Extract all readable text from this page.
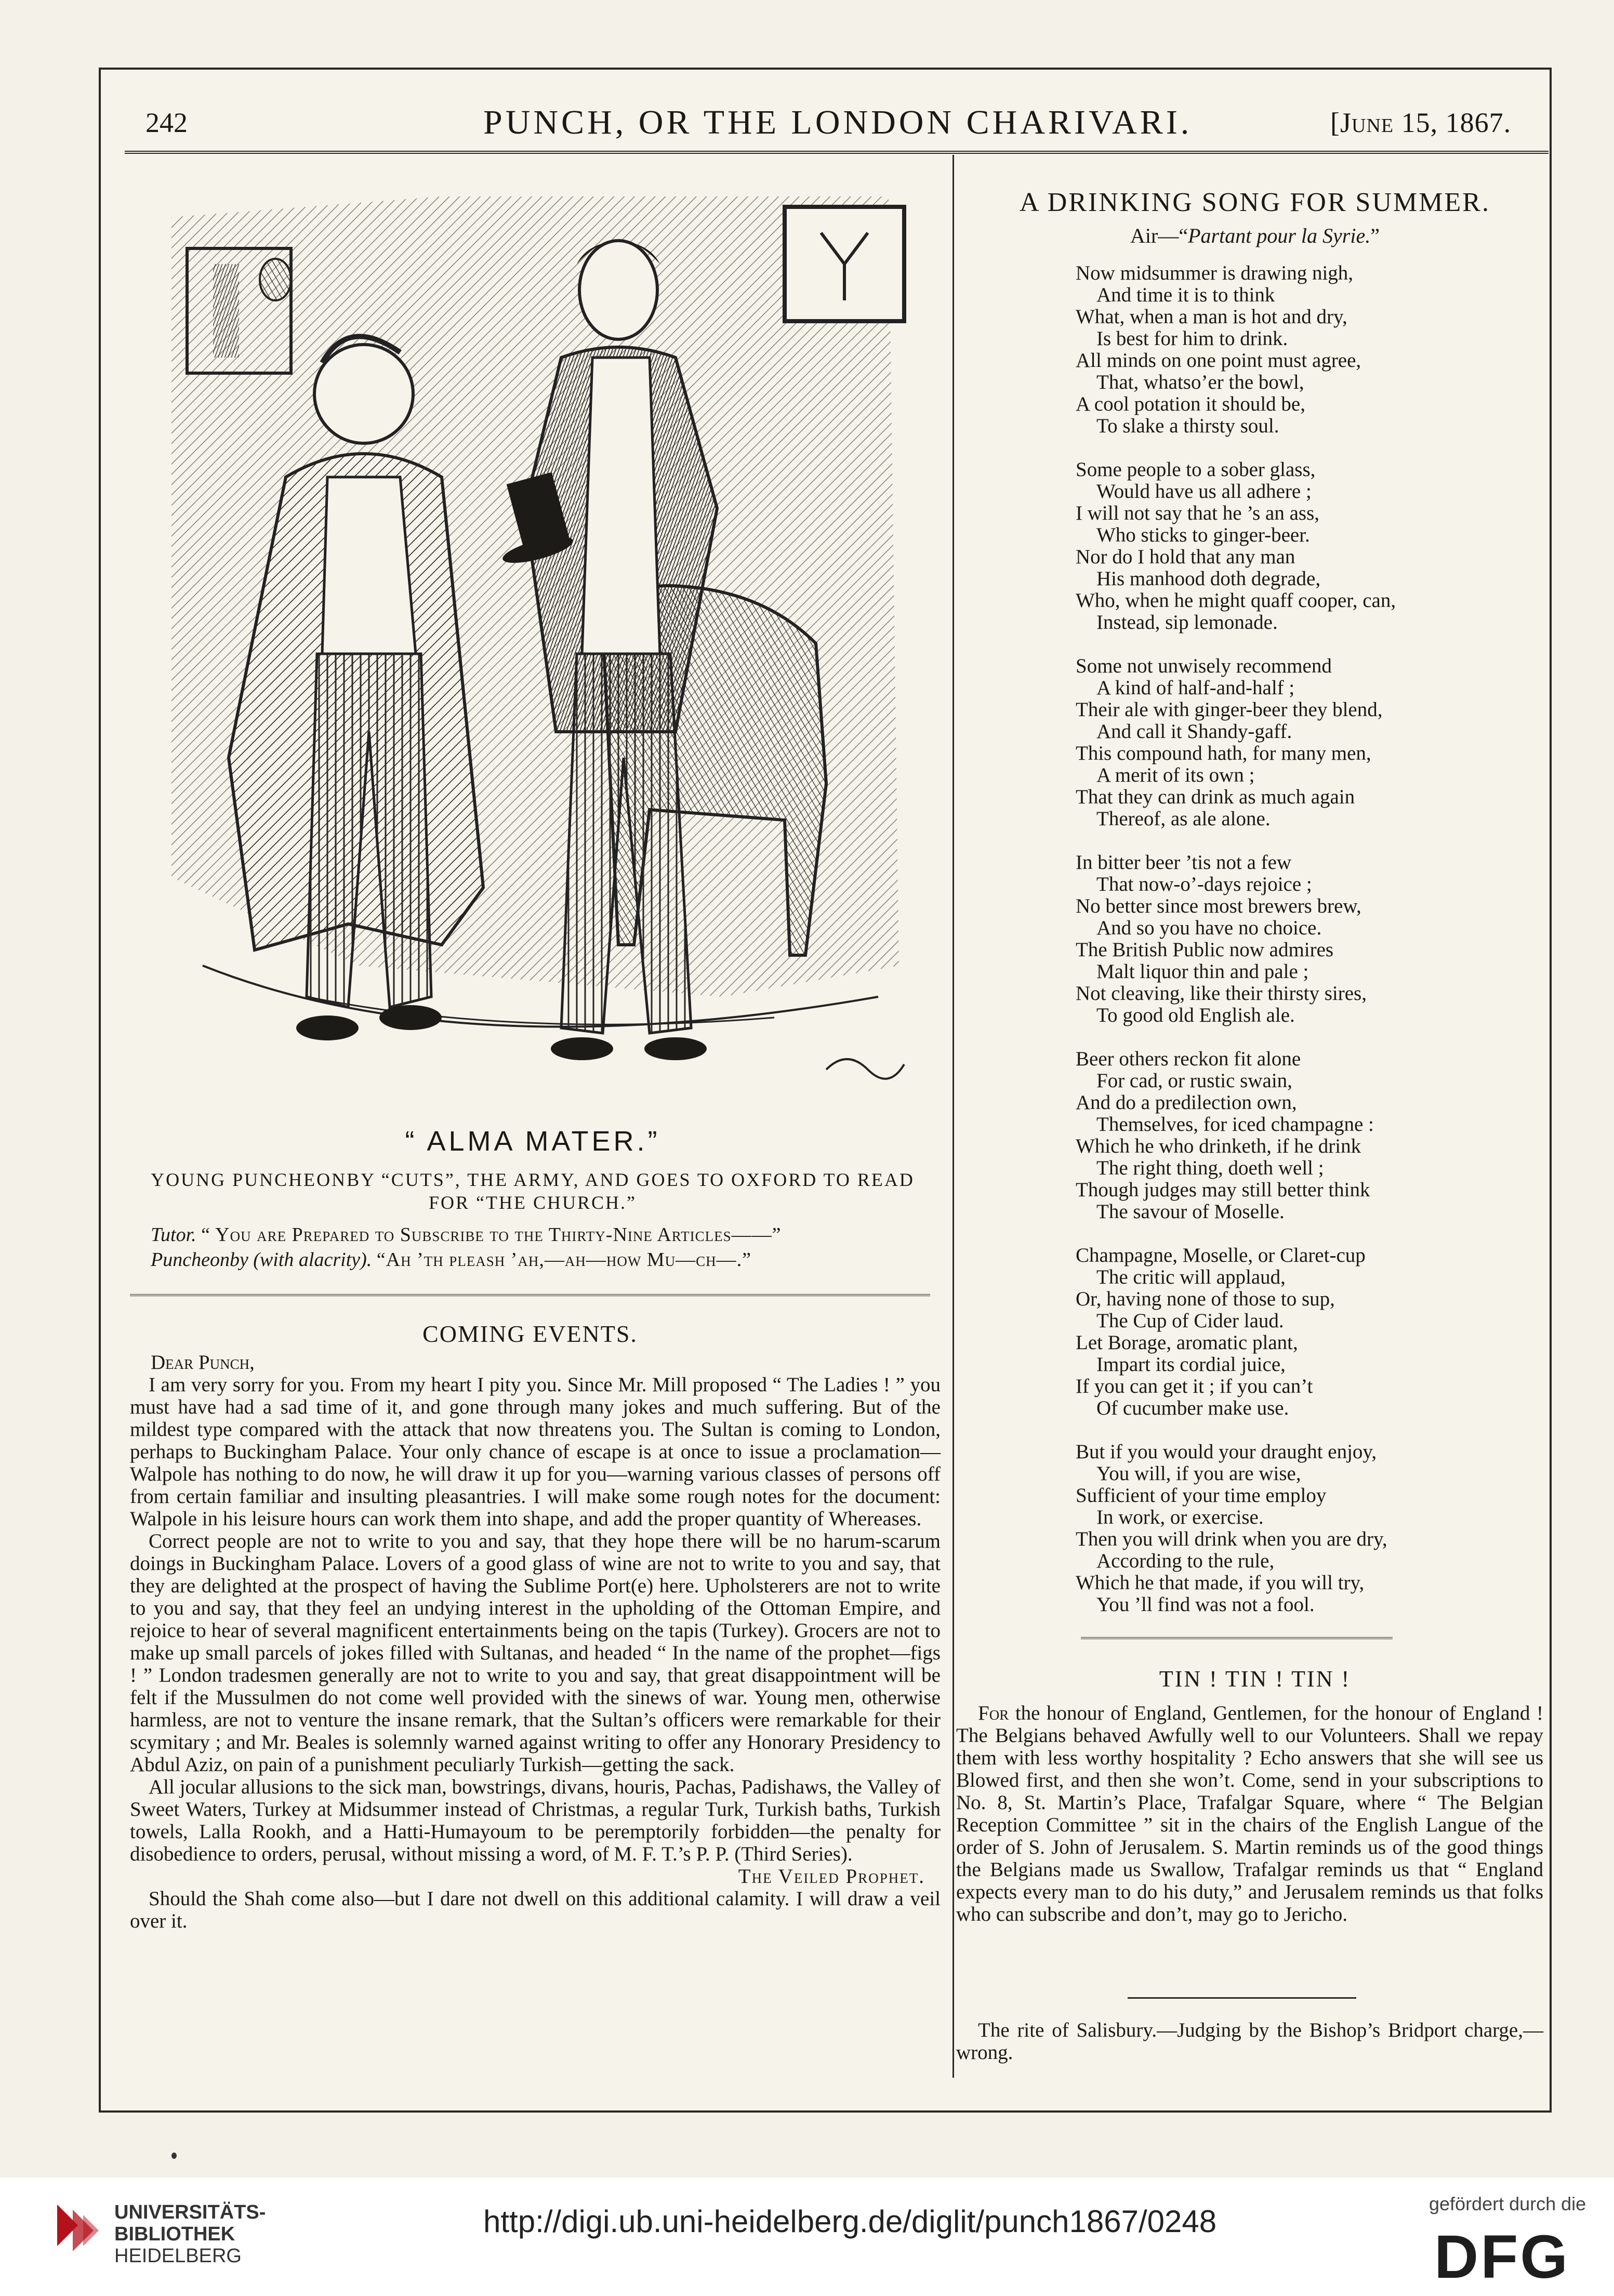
242	PUNCH, OR THE LONDON CHARIVARI.	[June 15, 1867.
“ ALMA MATER.”
YOUNG PUNCHEONBY “CUTS”, THE ARMY, AND GOES TO OXFORD TO READ
FOR “THE CHURCH.”
Tutor. “ You are Prepared to Subscribe to the Thirty-Nine Articles——”
Puncheonby (with alacrity). “Ah ’th pleash ’ah,—ah—how Mu—ch—.”
COMING EVENTS.

Dear Punch,

I am very sorry for you. From my heart I pity you. Since Mr. Mill proposed “ The Ladies ! ” you must have had a sad time of it, and gone through many jokes and much suffering. But of the mildest type compared with the attack that now threatens you. The Sultan is coming to London, perhaps to Buckingham Palace. Your only chance of escape is at once to issue a proclamation—Walpole has nothing to do now, he will draw it up for you—warning various classes of persons off from certain familiar and insulting pleasantries. I will make some rough notes for the document: Walpole in his leisure hours can work them into shape, and add the proper quantity of Whereases.

Correct people are not to write to you and say, that they hope there will be no harum-scarum doings in Buckingham Palace. Lovers of a good glass of wine are not to write to you and say, that they are delighted at the prospect of having the Sublime Port(e) here. Upholsterers are not to write to you and say, that they feel an undying interest in the upholding of the Ottoman Empire, and rejoice to hear of several magnificent entertainments being on the tapis (Turkey). Grocers are not to make up small parcels of jokes filled with Sultanas, and headed “ In the name of the prophet—figs ! ” London tradesmen generally are not to write to you and say, that great disappointment will be felt if the Mussulmen do not come well provided with the sinews of war. Young men, otherwise harmless, are not to venture the insane remark, that the Sultan’s officers were remarkable for their scymitary ; and Mr. Beales is solemnly warned against writing to offer any Honorary Presidency to Abdul Aziz, on pain of a punishment peculiarly Turkish—getting the sack.

All jocular allusions to the sick man, bowstrings, divans, houris, Pachas, Padishaws, the Valley of Sweet Waters, Turkey at Midsummer instead of Christmas, a regular Turk, Turkish baths, Turkish towels, Lalla Rookh, and a Hatti-Humayoum to be peremptorily forbidden—the penalty for disobedience to orders, perusal, without missing a word, of M. F. T.’s P. P. (Third Series).

The Veiled Prophet.

Should the Shah come also—but I dare not dwell on this additional calamity. I will draw a veil over it.

A DRINKING SONG FOR SUMMER.
Air—“Partant pour la Syrie.”
Now midsummer is drawing nigh,
And time it is to think
What, when a man is hot and dry,
Is best for him to drink.
All minds on one point must agree,
That, whatso’er the bowl,
A cool potation it should be,
To slake a thirsty soul.
Some people to a sober glass,
Would have us all adhere ;
I will not say that he ’s an ass,
Who sticks to ginger-beer.
Nor do I hold that any man
His manhood doth degrade,
Who, when he might quaff cooper, can,
Instead, sip lemonade.
Some not unwisely recommend
A kind of half-and-half ;
Their ale with ginger-beer they blend,
And call it Shandy-gaff.
This compound hath, for many men,
A merit of its own ;
That they can drink as much again
Thereof, as ale alone.
In bitter beer ’tis not a few
That now-o’-days rejoice ;
No better since most brewers brew,
And so you have no choice.
The British Public now admires
Malt liquor thin and pale ;
Not cleaving, like their thirsty sires,
To good old English ale.
Beer others reckon fit alone
For cad, or rustic swain,
And do a predilection own,
Themselves, for iced champagne :
Which he who drinketh, if he drink
The right thing, doeth well ;
Though judges may still better think
The savour of Moselle.
Champagne, Moselle, or Claret-cup
The critic will applaud,
Or, having none of those to sup,
The Cup of Cider laud.
Let Borage, aromatic plant,
Impart its cordial juice,
If you can get it ; if you can’t
Of cucumber make use.
But if you would your draught enjoy,
You will, if you are wise,
Sufficient of your time employ
In work, or exercise.
Then you will drink when you are dry,
According to the rule,
Which he that made, if you will try,
You ’ll find was not a fool.
TIN ! TIN ! TIN !

For the honour of England, Gentlemen, for the honour of England ! The Belgians behaved Awfully well to our Volunteers. Shall we repay them with less worthy hospitality ? Echo answers that she will see us Blowed first, and then she won’t. Come, send in your subscriptions to No. 8, St. Martin’s Place, Trafalgar Square, where “ The Belgian Reception Committee ” sit in the chairs of the English Langue of the order of S. John of Jerusalem. S. Martin reminds us of the good things the Belgians made us Swallow, Trafalgar reminds us that “ England expects every man to do his duty,” and Jerusalem reminds us that folks who can subscribe and don’t, may go to Jericho.

The rite of Salisbury.—Judging by the Bishop’s Bridport charge,— wrong.

UNIVERSITÄTS-
BIBLIOTHEK
HEIDELBERG
http://digi.ub.uni-heidelberg.de/diglit/punch1867/0248
gefördert durch die
DFG
